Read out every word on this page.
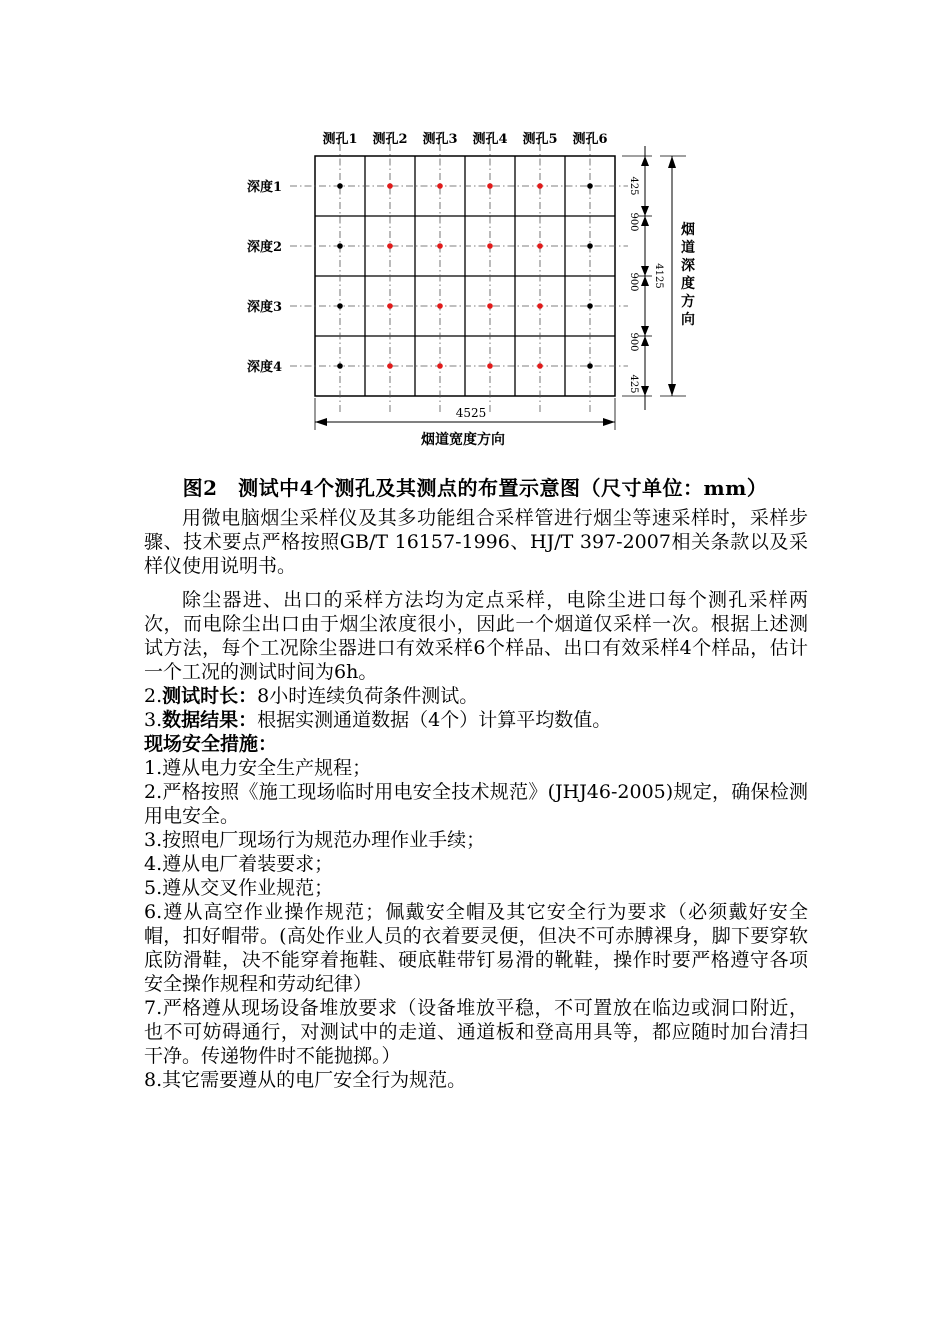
测孔1 测孔2 测孔3 测孔4 测孔5 测孔6
深度1
深度2
深度3
深度4
425
900
900
900
425
4125
烟
道
深
度
方
向
4525
烟道宽度方向
图2　测试中4个测孔及其测点的布置示意图（尺寸单位：mm）

用微电脑烟尘采样仪及其多功能组合采样管进行烟尘等速采样时，采样步骤、技术要点严格按照GB/T 16157-1996、HJ/T 397-2007相关条款以及采样仪使用说明书。

除尘器进、出口的采样方法均为定点采样，电除尘进口每个测孔采样两次，而电除尘出口由于烟尘浓度很小，因此一个烟道仅采样一次。根据上述测试方法，每个工况除尘器进口有效采样6个样品、出口有效采样4个样品，估计一个工况的测试时间为6h。

2.测试时长：8小时连续负荷条件测试。

3.数据结果：根据实测通道数据（4个）计算平均数值。

现场安全措施：

1.遵从电力安全生产规程；

2.严格按照《施工现场临时用电安全技术规范》(JHJ46-2005)规定，确保检测用电安全。

3.按照电厂现场行为规范办理作业手续；

4.遵从电厂着装要求；

5.遵从交叉作业规范；

6.遵从高空作业操作规范；佩戴安全帽及其它安全行为要求（必须戴好安全帽，扣好帽带。(高处作业人员的衣着要灵便，但决不可赤膊裸身，脚下要穿软底防滑鞋，决不能穿着拖鞋、硬底鞋带钉易滑的靴鞋，操作时要严格遵守各项安全操作规程和劳动纪律）

7.严格遵从现场设备堆放要求（设备堆放平稳，不可置放在临边或洞口附近，也不可妨碍通行，对测试中的走道、通道板和登高用具等，都应随时加台清扫干净。传递物件时不能抛掷。）

8.其它需要遵从的电厂安全行为规范。
